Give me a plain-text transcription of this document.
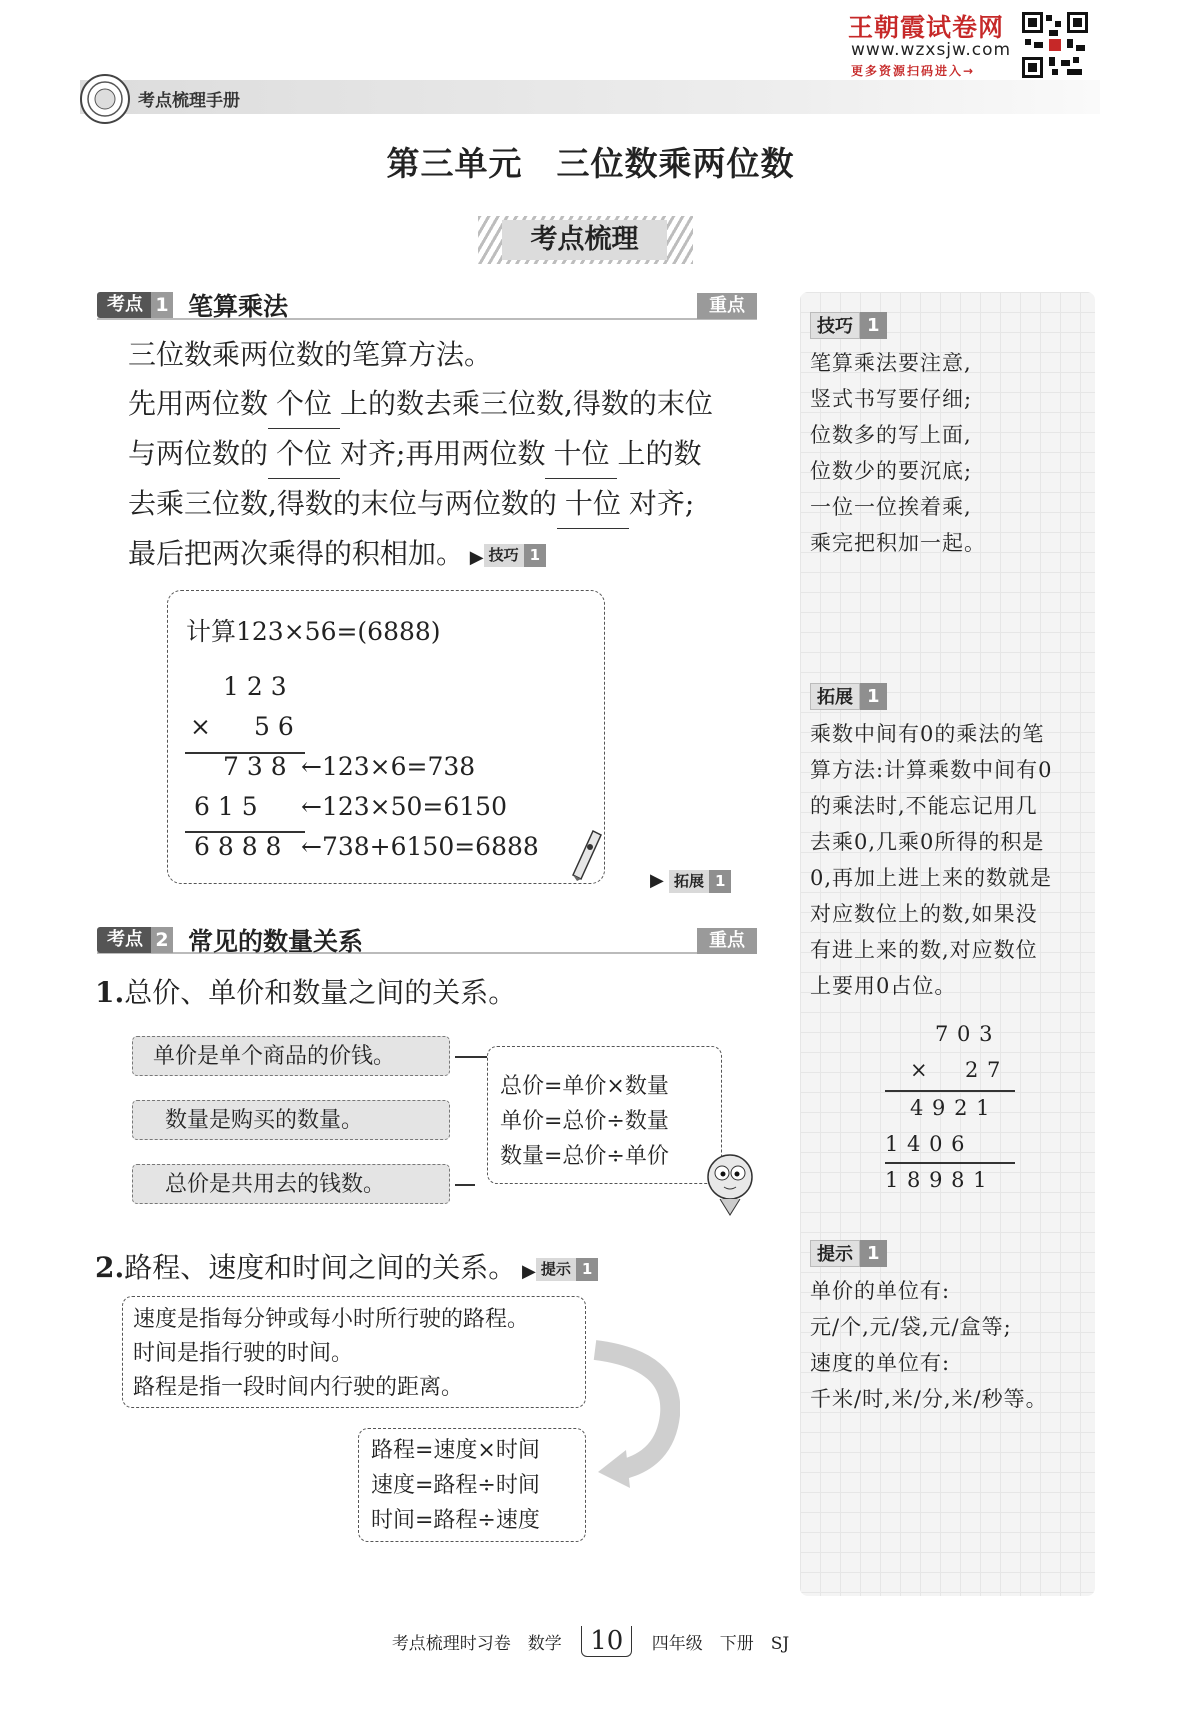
王朝霞试卷网
www.wzxsjw.com
更多资源扫码进入→
考点梳理手册
第三单元　三位数乘两位数
考点梳理
考点 1 笔算乘法	重点
三位数乘两位数的笔算方法。
先用两位数 个位 上的数去乘三位数,得数的末位
与两位数的 个位 对齐;再用两位数 十位 上的数
去乘三位数,得数的末位与两位数的 十位 对齐;
最后把两次乘得的积相加。 ▶ 技巧 1
计算123×56=(6888)
1 2 3
× 5 6
7 3 8 ←123×6=738
6 1 5 ←123×50=6150
6 8 8 8 ←738+6150=6888
▶ 拓展 1
考点 2 常见的数量关系	重点
1.总价、单价和数量之间的关系。
单价是单个商品的价钱。
数量是购买的数量。
总价是共用去的钱数。
总价=单价×数量
单价=总价÷数量
数量=总价÷单价
2.路程、速度和时间之间的关系。 ▶ 提示 1
速度是指每分钟或每小时所行驶的路程。
时间是指行驶的时间。
路程是指一段时间内行驶的距离。
路程=速度×时间
速度=路程÷时间
时间=路程÷速度
技巧 1
笔算乘法要注意,
竖式书写要仔细;
位数多的写上面,
位数少的要沉底;
一位一位挨着乘,
乘完把积加一起。
拓展 1
乘数中间有0的乘法的笔
算方法:计算乘数中间有0
的乘法时,不能忘记用几
去乘0,几乘0所得的积是
0,再加上进上来的数就是
对应数位上的数,如果没
有进上来的数,对应数位
上要用0占位。
7 0 3
× 2 7
4 9 2 1
1 4 0 6
1 8 9 8 1
提示 1
单价的单位有:
元/个,元/袋,元/盒等;
速度的单位有:
千米/时,米/分,米/秒等。
考点梳理时习卷　数学 10 四年级　下册　SJ
